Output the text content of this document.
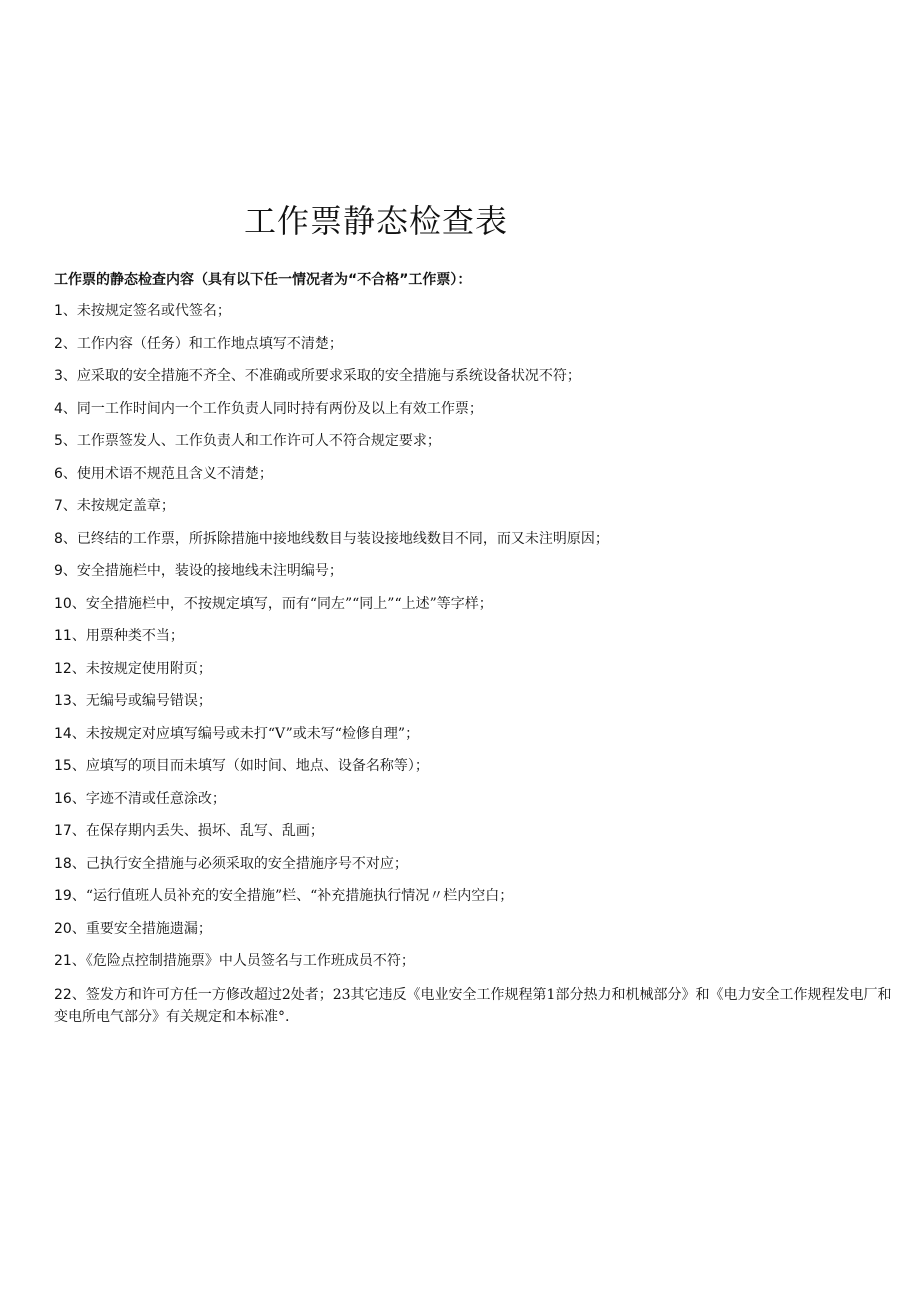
工作票静态检查表

工作票的静态检查内容（具有以下任一情况者为“不合格”工作票）：

1、未按规定签名或代签名；
2、工作内容（任务）和工作地点填写不清楚；
3、应采取的安全措施不齐全、不准确或所要求采取的安全措施与系统设备状况不符；
4、同一工作时间内一个工作负责人同时持有两份及以上有效工作票；
5、工作票签发人、工作负责人和工作许可人不符合规定要求；
6、使用术语不规范且含义不清楚；
7、未按规定盖章；
8、已终结的工作票，所拆除措施中接地线数目与装设接地线数目不同，而又未注明原因；
9、安全措施栏中，装设的接地线未注明编号；
10、安全措施栏中，不按规定填写，而有“同左”“同上”“上述”等字样；
11、用票种类不当；
12、未按规定使用附页；
13、无编号或编号错误；
14、未按规定对应填写编号或未打“V”或未写“检修自理”；
15、应填写的项目而未填写（如时间、地点、设备名称等）；
16、字迹不清或任意涂改；
17、在保存期内丢失、损坏、乱写、乱画；
18、己执行安全措施与必须采取的安全措施序号不对应；
19、“运行值班人员补充的安全措施”栏、“补充措施执行情况〃栏内空白；
20、重要安全措施遗漏；
21、《危险点控制措施票》中人员签名与工作班成员不符；
22、签发方和许可方任一方修改超过2处者；23其它违反《电业安全工作规程第1部分热力和机械部分》和《电力安全工作规程发电厂和变电所电气部分》有关规定和本标准°.
